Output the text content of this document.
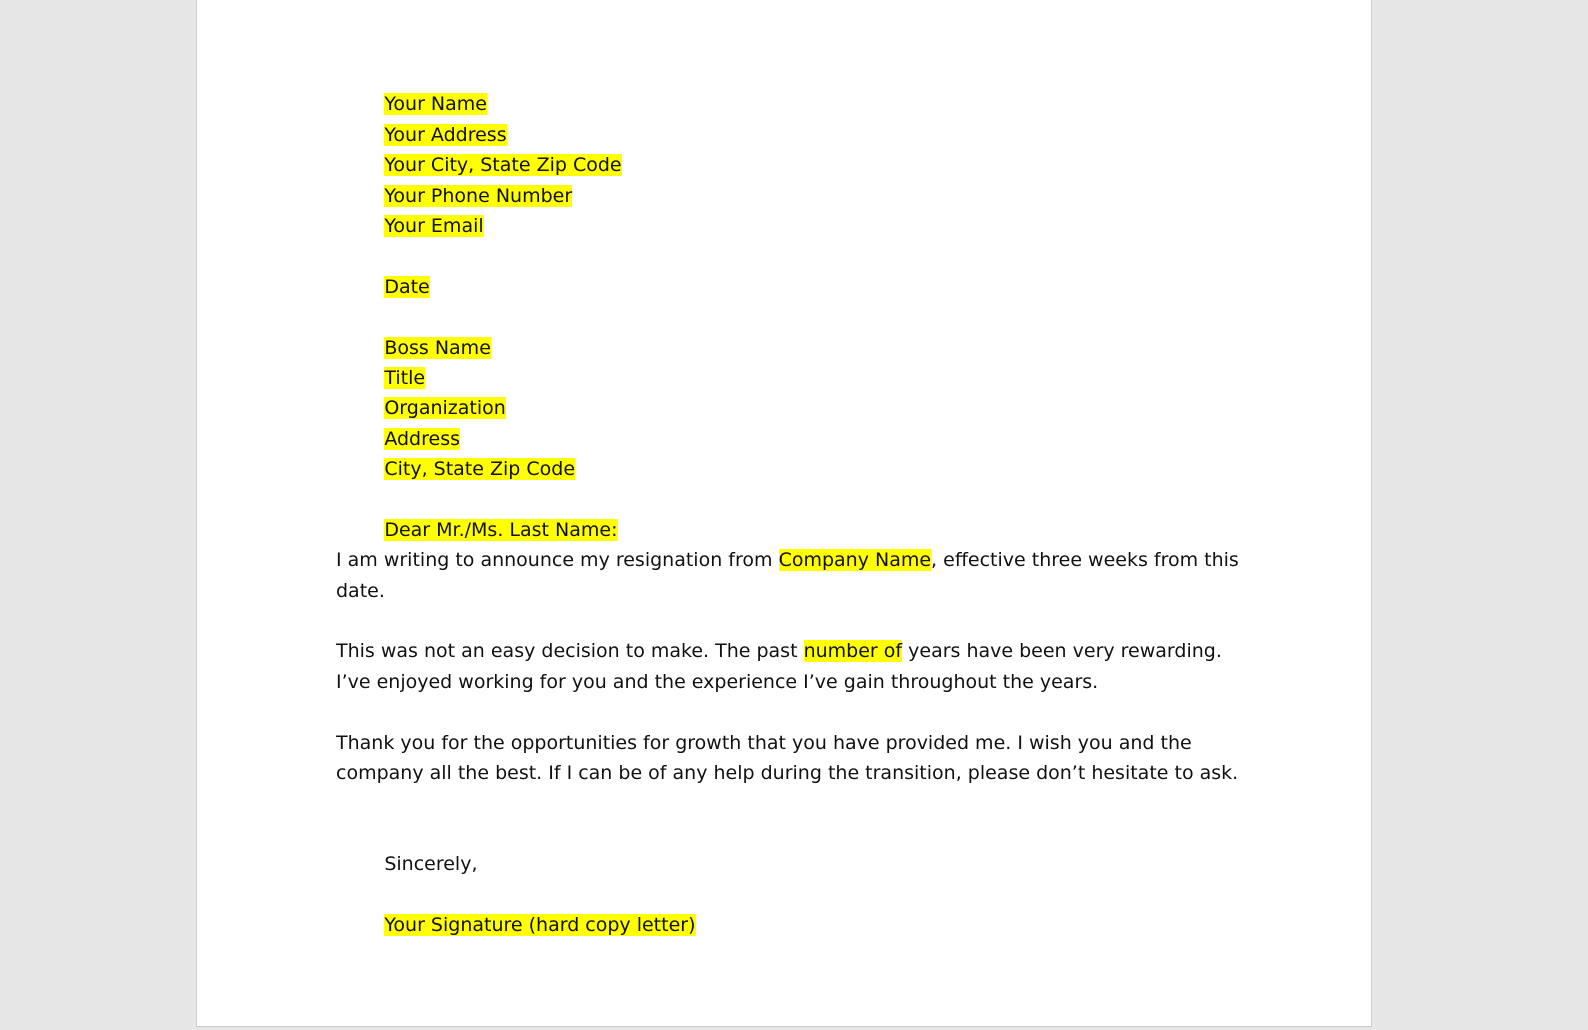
Your Name

Your Address

Your City, State Zip Code

Your Phone Number

Your Email

Date

Boss Name

Title

Organization

Address

City, State Zip Code

Dear Mr./Ms. Last Name:

I am writing to announce my resignation from Company Name, effective three weeks from this
date.
This was not an easy decision to make. The past number of years have been very rewarding.
I’ve enjoyed working for you and the experience I’ve gain throughout the years.
Thank you for the opportunities for growth that you have provided me. I wish you and the
company all the best. If I can be of any help during the transition, please don’t hesitate to ask.

Sincerely,

Your Signature (hard copy letter)
